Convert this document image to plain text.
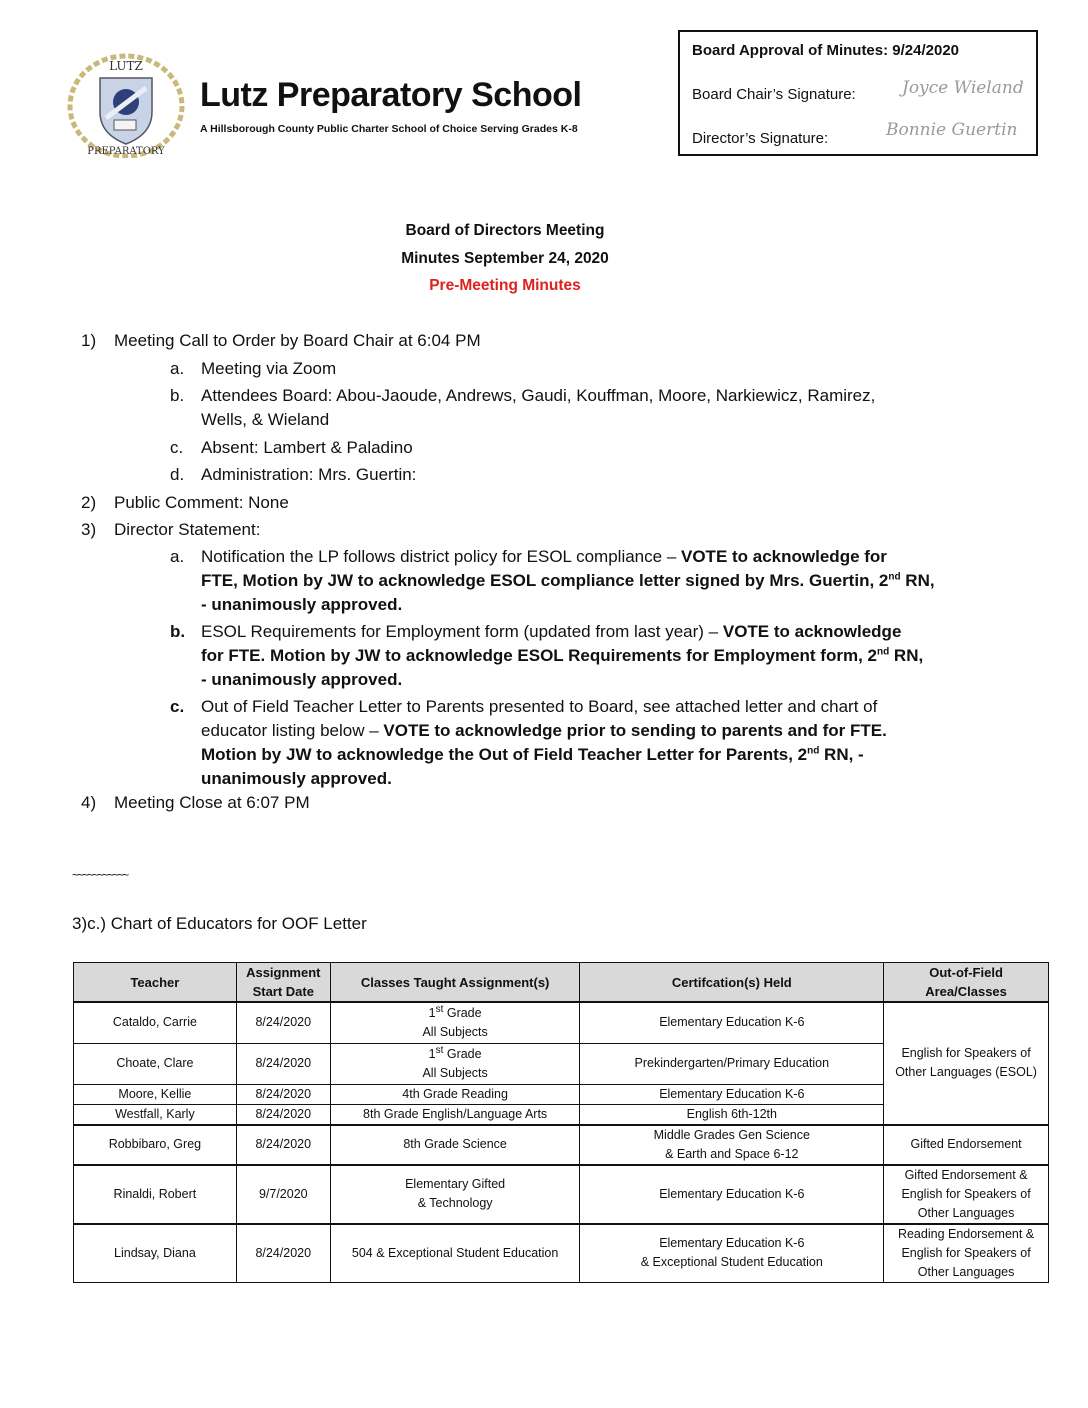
LUTZ
PREPARATORY
Lutz Preparatory School
A Hillsborough County Public Charter School of Choice Serving Grades K-8
Board Approval of Minutes: 9/24/2020
Board Chair’s Signature:	Joyce Wieland
Director’s Signature:	Bonnie Guertin
Board of Directors Meeting
Minutes September 24, 2020
Pre-Meeting Minutes
1) Meeting Call to Order by Board Chair at 6:04 PM
a. Meeting via Zoom
b. Attendees Board: Abou-Jaoude, Andrews, Gaudi, Kouffman, Moore, Narkiewicz, Ramirez,
Wells, & Wieland
c. Absent: Lambert & Paladino
d. Administration: Mrs. Guertin:
2) Public Comment: None
3) Director Statement:
a. Notification the LP follows district policy for ESOL compliance – VOTE to acknowledge for
FTE, Motion by JW to acknowledge ESOL compliance letter signed by Mrs. Guertin, 2nd RN,
- unanimously approved.
b. ESOL Requirements for Employment form (updated from last year) – VOTE to acknowledge
for FTE. Motion by JW to acknowledge ESOL Requirements for Employment form, 2nd RN,
- unanimously approved.
c. Out of Field Teacher Letter to Parents presented to Board, see attached letter and chart of
educator listing below – VOTE to acknowledge prior to sending to parents and for FTE.
Motion by JW to acknowledge the Out of Field Teacher Letter for Parents, 2nd RN, -
unanimously approved.
4) Meeting Close at 6:07 PM
~~~~~~~~~~~
3)c.) Chart of Educators for OOF Letter
Teacher	Assignment
Start Date	Classes Taught Assignment(s)	Certifcation(s) Held	Out-of-Field
Area/Classes
Cataldo, Carrie	8/24/2020	1st Grade
All Subjects	Elementary Education K-6	English for Speakers of
Other Languages (ESOL)
Choate, Clare	8/24/2020	1st Grade
All Subjects	Prekindergarten/Primary Education	
Moore, Kellie	8/24/2020	4th Grade Reading	Elementary Education K-6	
Westfall, Karly	8/24/2020	8th Grade English/Language Arts	English 6th-12th	
Robbibaro, Greg	8/24/2020	8th Grade Science	Middle Grades Gen Science
& Earth and Space 6-12	Gifted Endorsement
Rinaldi, Robert	9/7/2020	Elementary Gifted
& Technology	Elementary Education K-6	Gifted Endorsement &
English for Speakers of
Other Languages
Lindsay, Diana	8/24/2020	504 & Exceptional Student Education	Elementary Education K-6
& Exceptional Student Education	Reading Endorsement &
English for Speakers of
Other Languages
